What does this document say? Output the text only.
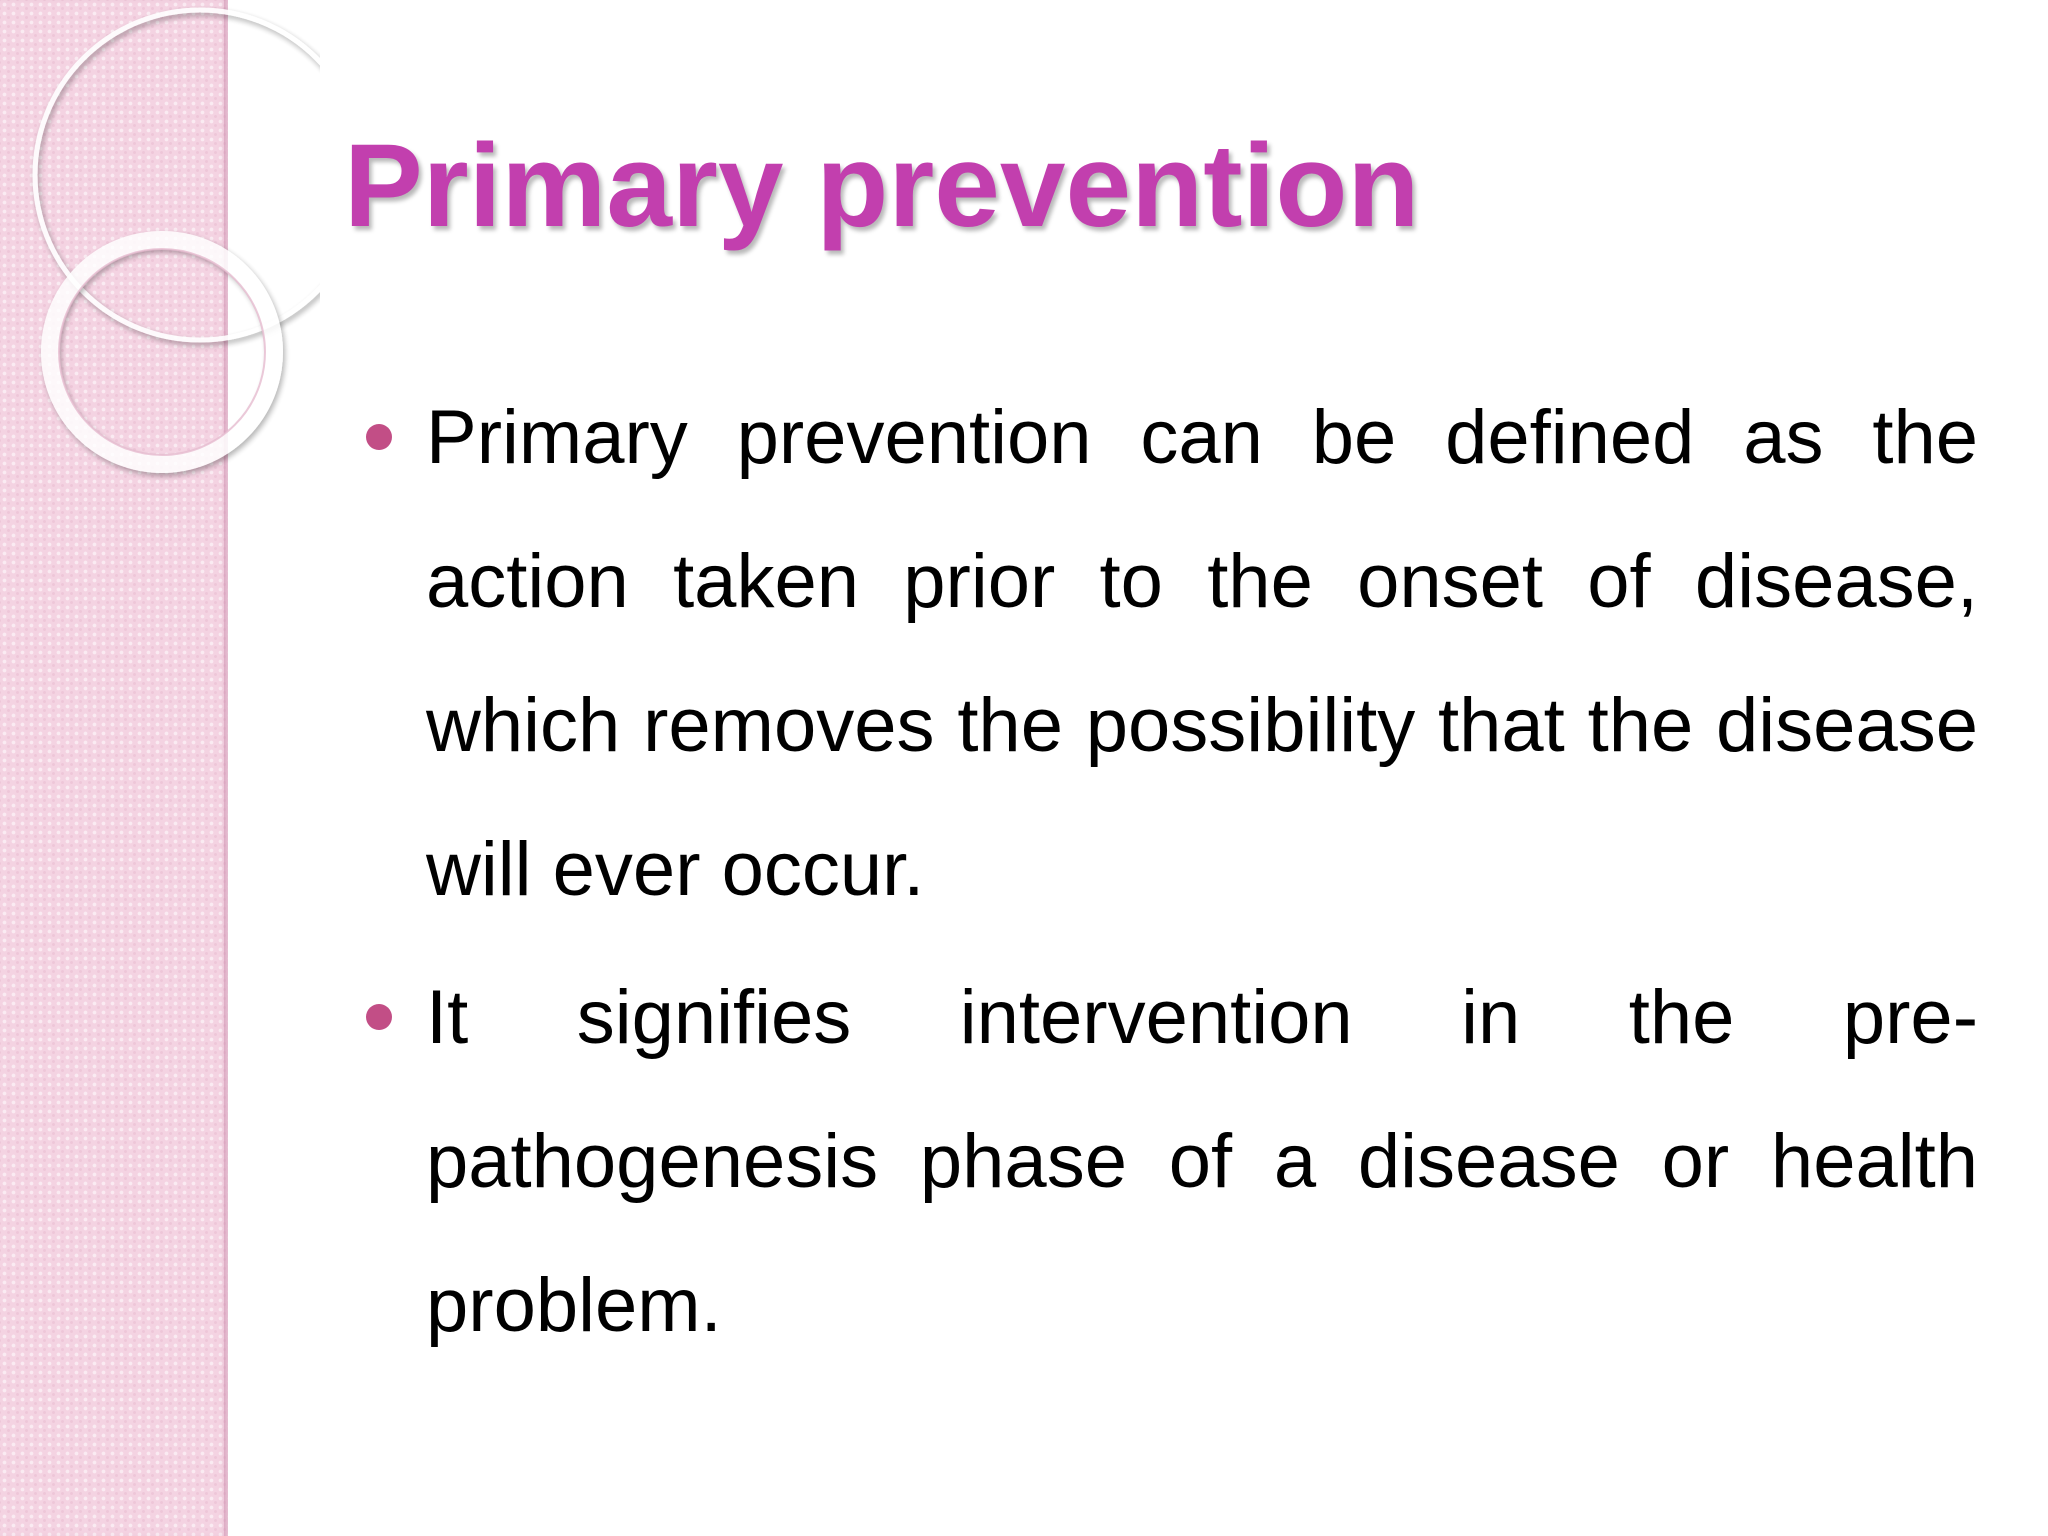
Primary prevention
Primary prevention can be defined as the action taken prior to the onset of disease, which removes the possibility that the disease will ever occur.
It signifies intervention in the pre-pathogenesis phase of a disease or health problem.
